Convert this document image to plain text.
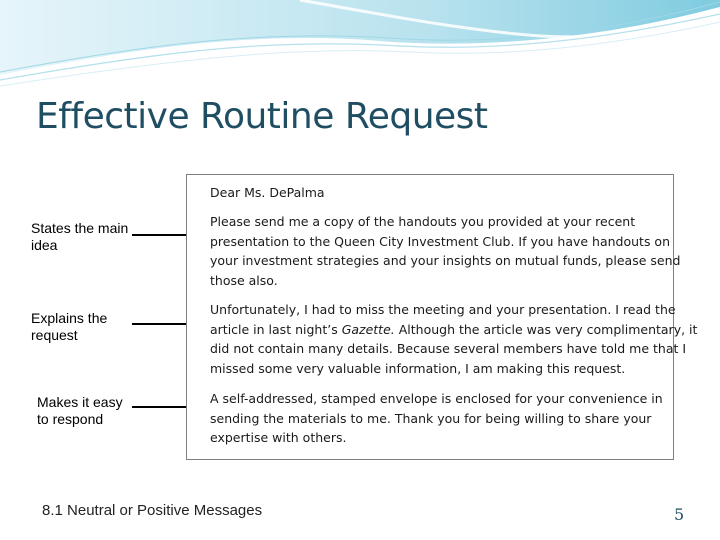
Effective Routine Request
States the main
idea
Explains the
request
Makes it easy
to respond

Dear Ms. DePalma

Please send me a copy of the handouts you provided at your recent

presentation to the Queen City Investment Club. If you have handouts on

your investment strategies and your insights on mutual funds, please send

those also.

Unfortunately, I had to miss the meeting and your presentation. I read the

article in last night’s Gazette. Although the article was very complimentary, it

did not contain many details. Because several members have told me that I

missed some very valuable information, I am making this request.

A self-addressed, stamped envelope is enclosed for your convenience in

sending the materials to me. Thank you for being willing to share your

expertise with others.

8.1 Neutral or Positive Messages	5
